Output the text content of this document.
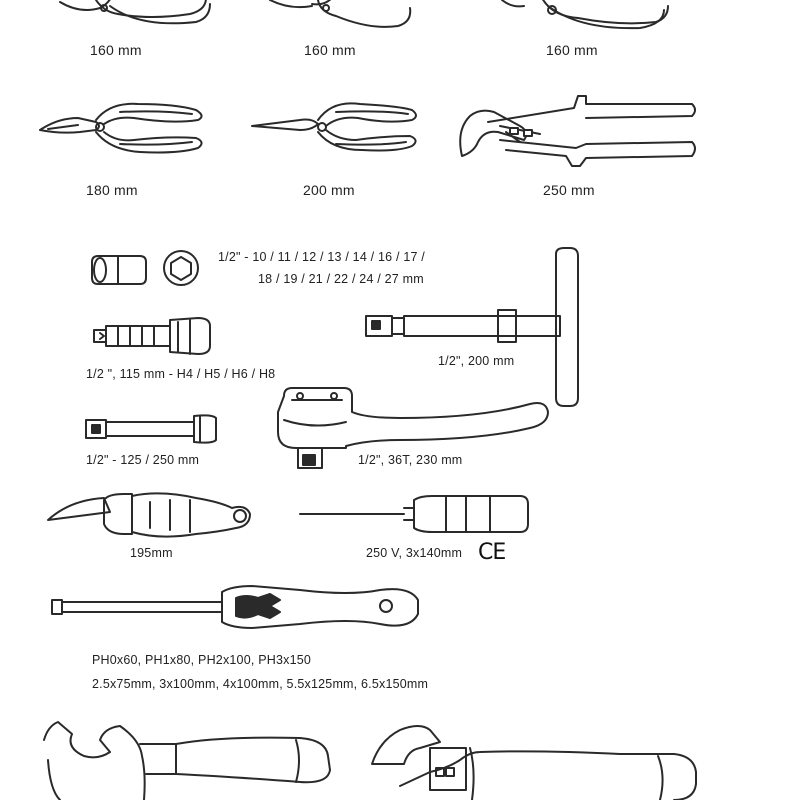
160 mm	160 mm	160 mm
180 mm	200 mm	250 mm
1/2" - 10 / 11 / 12 / 13 / 14 / 16 / 17 /
18 / 19 / 21 / 22 / 24 / 27 mm
1/2", 200 mm
1/2 ", 115 mm - H4 / H5 / H6 / H8
1/2" - 125 / 250 mm	1/2", 36T, 230 mm
195mm	250 V, 3x140mm CE
PH0x60, PH1x80, PH2x100, PH3x150
2.5x75mm, 3x100mm, 4x100mm, 5.5x125mm, 6.5x150mm
